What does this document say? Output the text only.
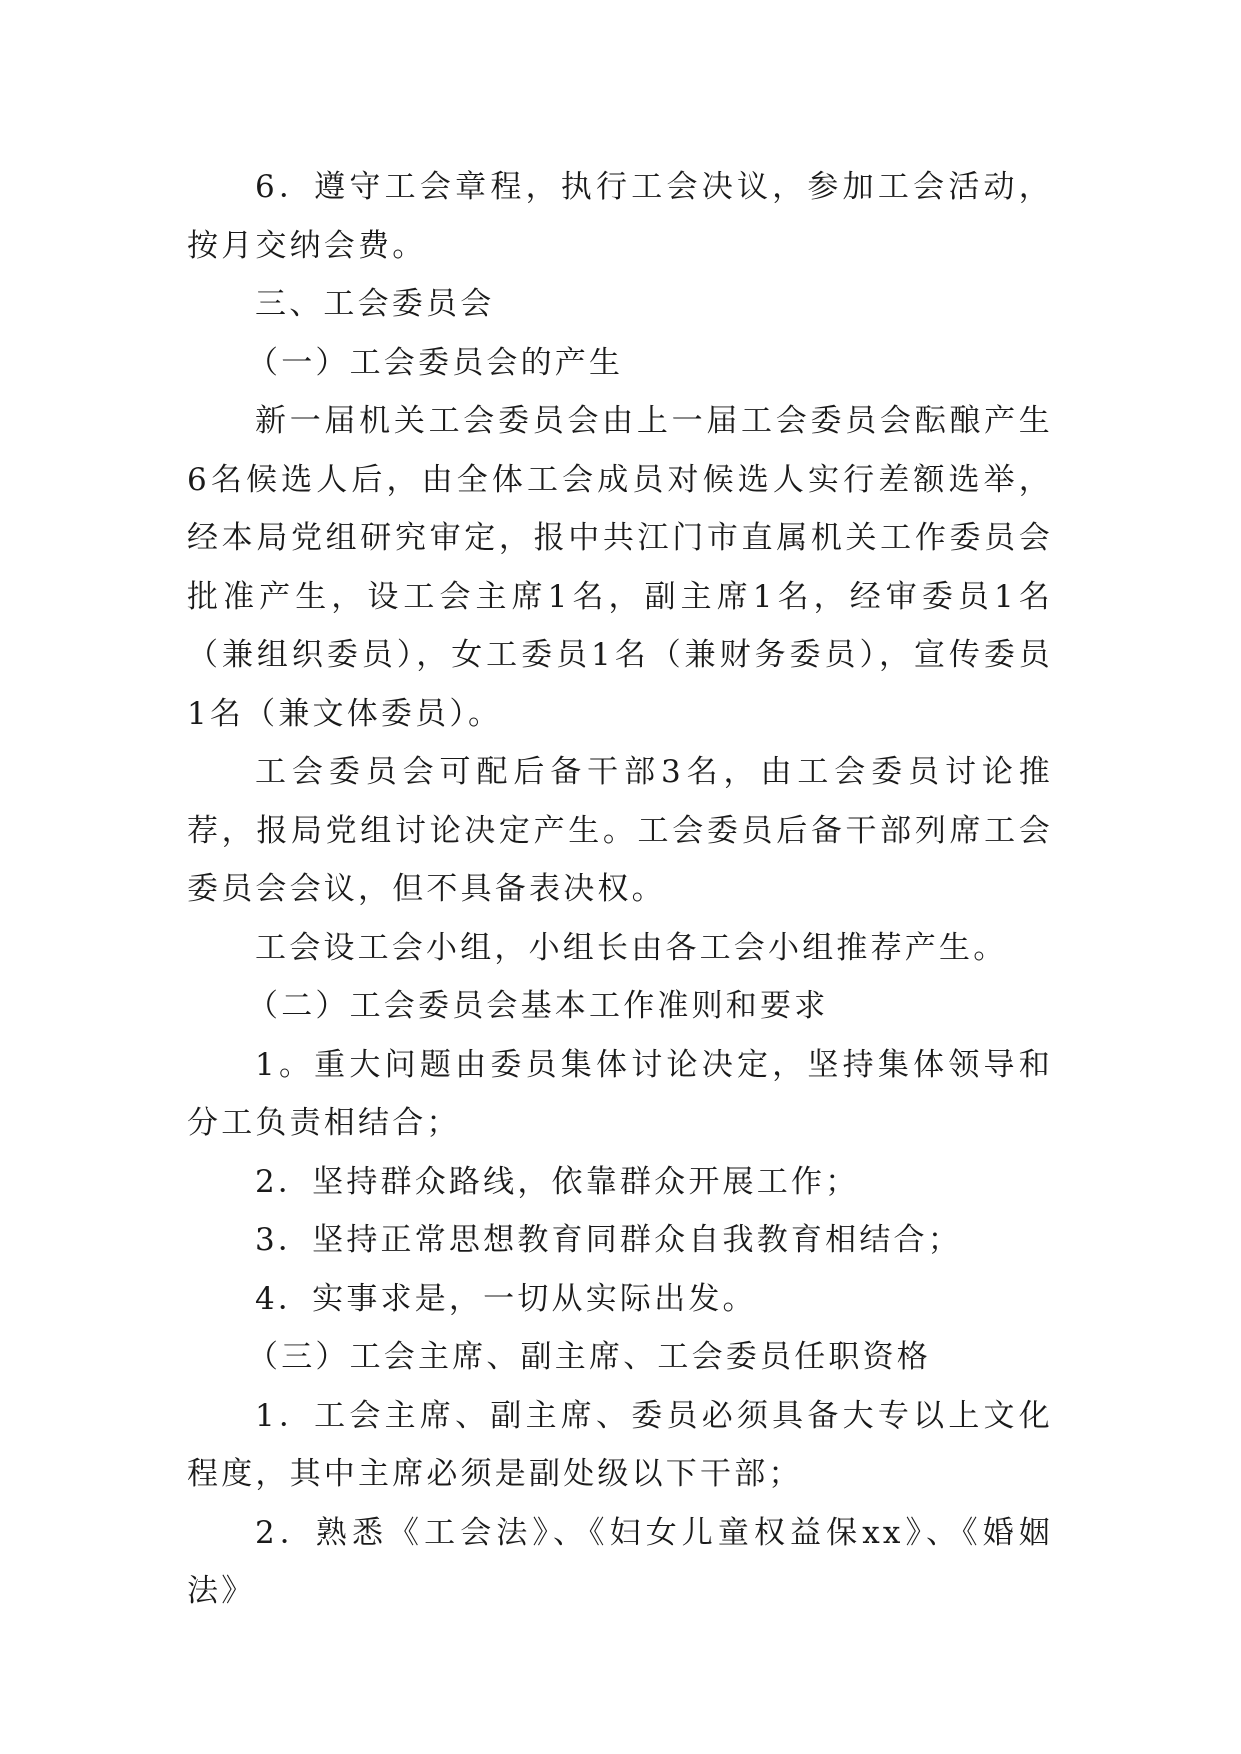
6．遵守工会章程，执行工会决议，参加工会活动，按月交纳会费。

三、工会委员会

（一）工会委员会的产生

新一届机关工会委员会由上一届工会委员会酝酿产生6名候选人后，由全体工会成员对候选人实行差额选举，经本局党组研究审定，报中共江门市直属机关工作委员会批准产生，设工会主席1名，副主席1名，经审委员1名（兼组织委员），女工委员1名（兼财务委员），宣传委员1名（兼文体委员）。

工会委员会可配后备干部3名，由工会委员讨论推荐，报局党组讨论决定产生。工会委员后备干部列席工会委员会会议，但不具备表决权。

工会设工会小组，小组长由各工会小组推荐产生。

（二）工会委员会基本工作准则和要求

1。重大问题由委员集体讨论决定，坚持集体领导和分工负责相结合；

2．坚持群众路线，依靠群众开展工作；

3．坚持正常思想教育同群众自我教育相结合；

4．实事求是，一切从实际出发。

（三）工会主席、副主席、工会委员任职资格

1．工会主席、副主席、委员必须具备大专以上文化程度，其中主席必须是副处级以下干部；

2．熟悉《工会法》、《妇女儿童权益保xx》、《婚姻法》
